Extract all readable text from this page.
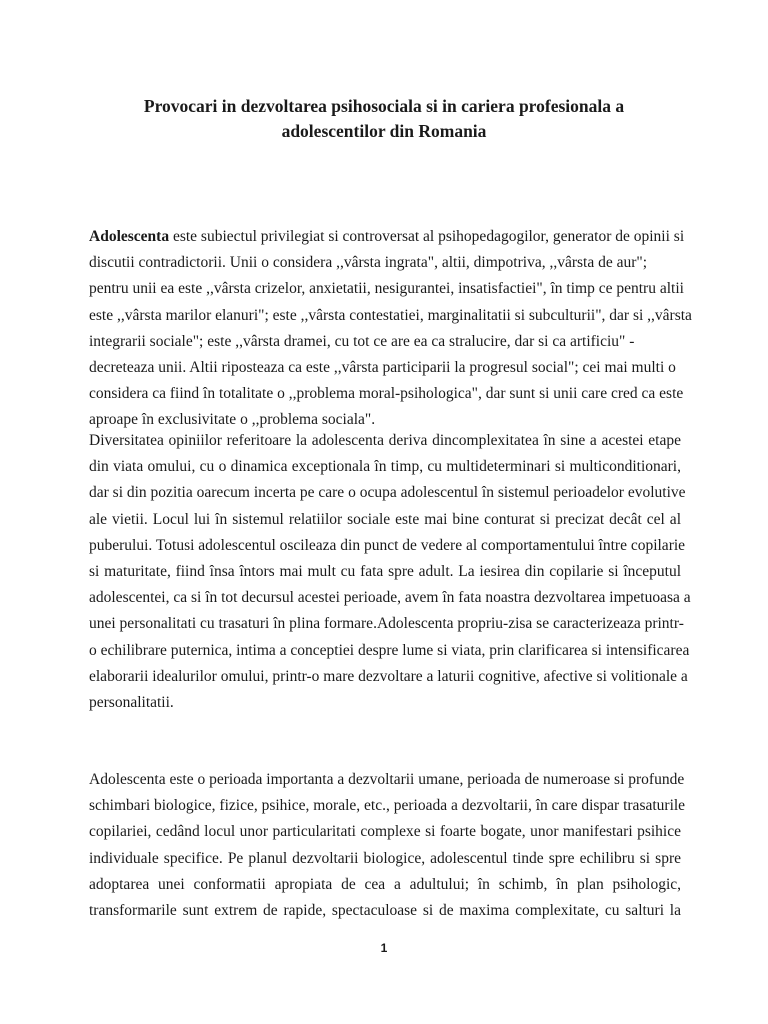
Provocari in dezvoltarea psihosociala si in cariera profesionala a
adolescentilor din Romania
Adolescenta este subiectul privilegiat si controversat al psihopedagogilor, generator de opinii si
discutii contradictorii. Unii o considera ,,vârsta ingrata", altii, dimpotriva, ,,vârsta de aur";
pentru unii ea este ,,vârsta crizelor, anxietatii, nesigurantei, insatisfactiei", în timp ce pentru altii
este ,,vârsta marilor elanuri"; este ,,vârsta contestatiei, marginalitatii si subculturii", dar si ,,vârsta
integrarii sociale"; este ,,vârsta dramei, cu tot ce are ea ca stralucire, dar si ca artificiu" -
decreteaza unii. Altii riposteaza ca este ,,vârsta participarii la progresul social"; cei mai multi o
considera ca fiind în totalitate o ,,problema moral-psihologica", dar sunt si unii care cred ca este
aproape în exclusivitate o ,,problema sociala".
Diversitatea opiniilor referitoare la adolescenta deriva dincomplexitatea în sine a acestei etape
din viata omului, cu o dinamica exceptionala în timp, cu multideterminari si multiconditionari,
dar si din pozitia oarecum incerta pe care o ocupa adolescentul în sistemul perioadelor evolutive
ale vietii. Locul lui în sistemul relatiilor sociale este mai bine conturat si precizat decât cel al
puberului. Totusi adolescentul oscileaza din punct de vedere al comportamentului între copilarie
si maturitate, fiind însa întors mai mult cu fata spre adult. La iesirea din copilarie si începutul
adolescentei, ca si în tot decursul acestei perioade, avem în fata noastra dezvoltarea impetuoasa a
unei personalitati cu trasaturi în plina formare.Adolescenta propriu-zisa se caracterizeaza printr-
o echilibrare puternica, intima a conceptiei despre lume si viata, prin clarificarea si intensificarea
elaborarii idealurilor omului, printr-o mare dezvoltare a laturii cognitive, afective si volitionale a
personalitatii.
Adolescenta este o perioada importanta a dezvoltarii umane, perioada de numeroase si profunde
schimbari biologice, fizice, psihice, morale, etc., perioada a dezvoltarii, în care dispar trasaturile
copilariei, cedând locul unor particularitati complexe si foarte bogate, unor manifestari psihice
individuale specifice. Pe planul dezvoltarii biologice, adolescentul tinde spre echilibru si spre
adoptarea unei conformatii apropiata de cea a adultului; în schimb, în plan psihologic,
transformarile sunt extrem de rapide, spectaculoase si de maxima complexitate, cu salturi la
1
